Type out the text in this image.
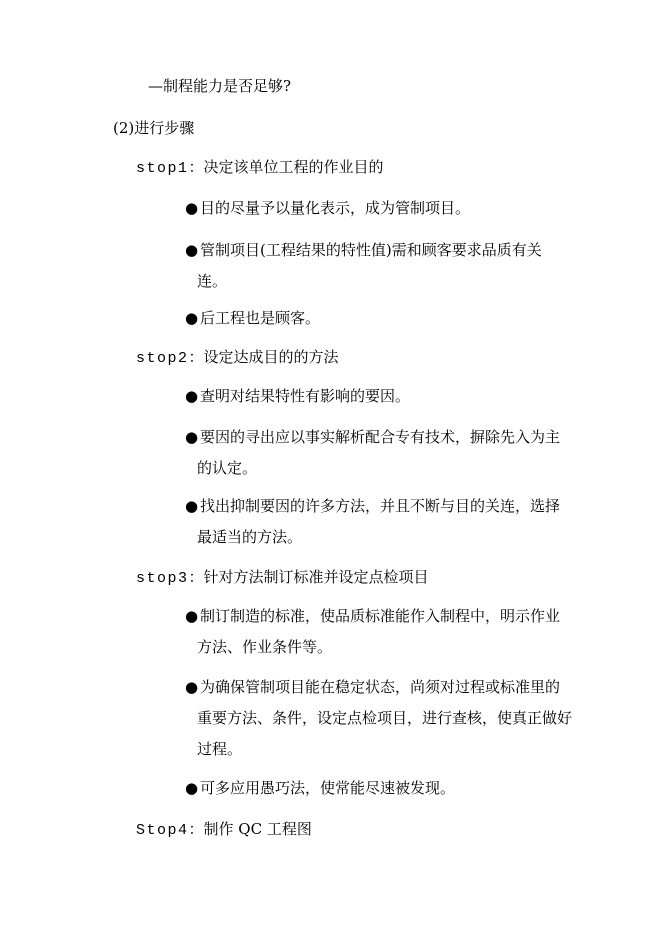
—制程能力是否足够?
(2)进行步骤
stop1：决定该单位工程的作业目的
● 目的尽量予以量化表示，成为管制项目。
● 管制项目(工程结果的特性值)需和顾客要求品质有关
连。
● 后工程也是顾客。
stop2：设定达成目的的方法
● 查明对结果特性有影响的要因。
● 要因的寻出应以事实解析配合专有技术，摒除先入为主
的认定。
● 找出抑制要因的许多方法，并且不断与目的关连，选择
最适当的方法。
stop3：针对方法制订标准并设定点检项目
● 制订制造的标准，使品质标准能作入制程中，明示作业
方法、作业条件等。
● 为确保管制项目能在稳定状态，尚须对过程或标准里的
重要方法、条件，设定点检项目，进行查核，使真正做好
过程。
● 可多应用愚巧法，使常能尽速被发现。
Stop4：制作 QC 工程图
